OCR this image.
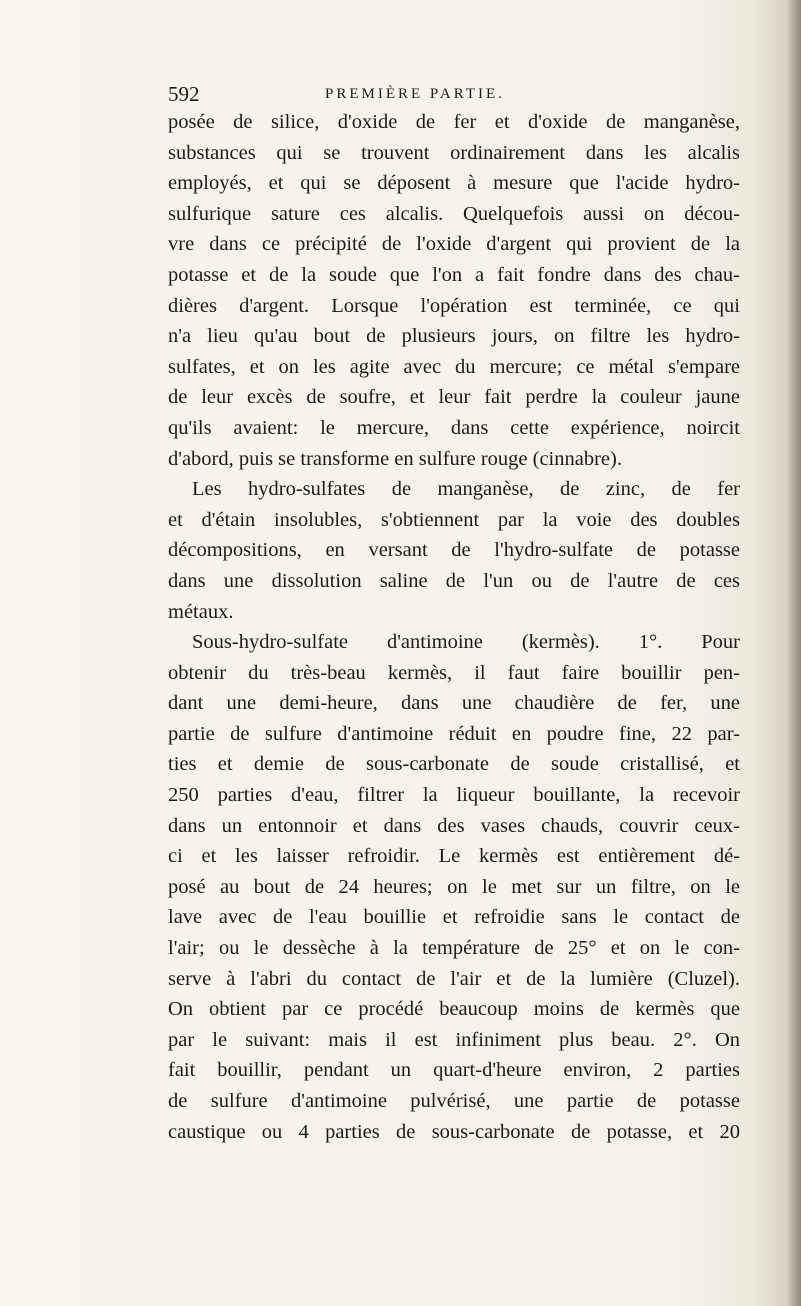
592	PREMIÈRE PARTIE.
posée de silice, d'oxide de fer et d'oxide de manganèse,
substances qui se trouvent ordinairement dans les alcalis
employés, et qui se déposent à mesure que l'acide hydro-
sulfurique sature ces alcalis. Quelquefois aussi on décou-
vre dans ce précipité de l'oxide d'argent qui provient de la
potasse et de la soude que l'on a fait fondre dans des chau-
dières d'argent. Lorsque l'opération est terminée, ce qui
n'a lieu qu'au bout de plusieurs jours, on filtre les hydro-
sulfates, et on les agite avec du mercure; ce métal s'empare
de leur excès de soufre, et leur fait perdre la couleur jaune
qu'ils avaient: le mercure, dans cette expérience, noircit
d'abord, puis se transforme en sulfure rouge (cinnabre).
Les hydro-sulfates de manganèse, de zinc, de fer
et d'étain insolubles, s'obtiennent par la voie des doubles
décompositions, en versant de l'hydro-sulfate de potasse
dans une dissolution saline de l'un ou de l'autre de ces
métaux.
Sous-hydro-sulfate d'antimoine (kermès). 1°. Pour
obtenir du très-beau kermès, il faut faire bouillir pen-
dant une demi-heure, dans une chaudière de fer, une
partie de sulfure d'antimoine réduit en poudre fine, 22 par-
ties et demie de sous-carbonate de soude cristallisé, et
250 parties d'eau, filtrer la liqueur bouillante, la recevoir
dans un entonnoir et dans des vases chauds, couvrir ceux-
ci et les laisser refroidir. Le kermès est entièrement dé-
posé au bout de 24 heures; on le met sur un filtre, on le
lave avec de l'eau bouillie et refroidie sans le contact de
l'air; ou le dessèche à la température de 25° et on le con-
serve à l'abri du contact de l'air et de la lumière (Cluzel).
On obtient par ce procédé beaucoup moins de kermès que
par le suivant: mais il est infiniment plus beau. 2°. On
fait bouillir, pendant un quart-d'heure environ, 2 parties
de sulfure d'antimoine pulvérisé, une partie de potasse
caustique ou 4 parties de sous-carbonate de potasse, et 20
